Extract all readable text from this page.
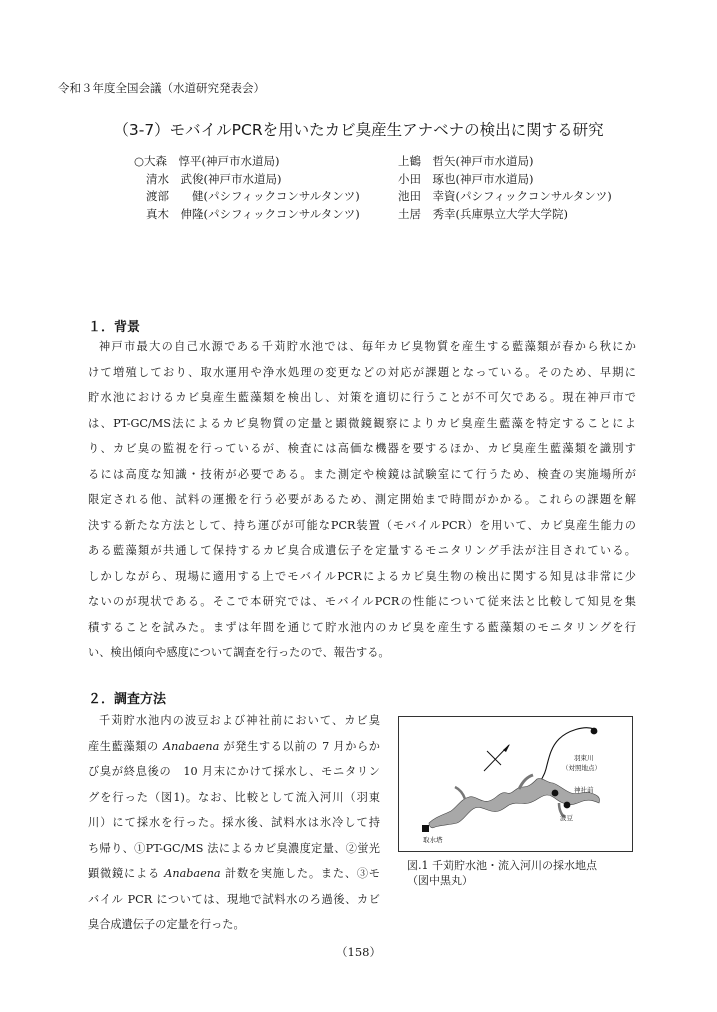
令和３年度全国会議（水道研究発表会）
（3-7）モバイルPCRを用いたカビ臭産生アナベナの検出に関する研究
○大森　惇平(神戸市水道局)	上鶴　哲矢(神戸市水道局)
清水　武俊(神戸市水道局)	小田　琢也(神戸市水道局)
渡部　　健(パシフィックコンサルタンツ)	池田　幸資(パシフィックコンサルタンツ)
真木　伸隆(パシフィックコンサルタンツ)	土居　秀幸(兵庫県立大学大学院)
１．背景
神戸市最大の自己水源である千苅貯水池では、毎年カビ臭物質を産生する藍藻類が春から秋にか
けて増殖しており、取水運用や浄水処理の変更などの対応が課題となっている。そのため、早期に
貯水池におけるカビ臭産生藍藻類を検出し、対策を適切に行うことが不可欠である。現在神戸市で
は、PT-GC/MS法によるカビ臭物質の定量と顕微鏡観察によりカビ臭産生藍藻を特定することによ
り、カビ臭の監視を行っているが、検査には高価な機器を要するほか、カビ臭産生藍藻類を識別す
るには高度な知識・技術が必要である。また測定や検鏡は試験室にて行うため、検査の実施場所が
限定される他、試料の運搬を行う必要があるため、測定開始まで時間がかかる。これらの課題を解
決する新たな方法として、持ち運びが可能なPCR装置（モバイルPCR）を用いて、カビ臭産生能力の
ある藍藻類が共通して保持するカビ臭合成遺伝子を定量するモニタリング手法が注目されている。
しかしながら、現場に適用する上でモバイルPCRによるカビ臭生物の検出に関する知見は非常に少
ないのが現状である。そこで本研究では、モバイルPCRの性能について従来法と比較して知見を集
積することを試みた。まずは年間を通じて貯水池内のカビ臭を産生する藍藻類のモニタリングを行
い、検出傾向や感度について調査を行ったので、報告する。
２．調査方法
千苅貯水池内の波豆および神社前において、カビ臭
産生藍藻類の Anabaena が発生する以前の 7 月からか
び臭が終息後の　10 月末にかけて採水し、モニタリン
グを行った（図1)。なお、比較として流入河川（羽東
川）にて採水を行った。採水後、試料水は氷冷して持
ち帰り、①PT-GC/MS 法によるカビ臭濃度定量、②蛍光
顕微鏡による Anabaena 計数を実施した。また、③モ
バイル PCR については、現地で試料水のろ過後、カビ
臭合成遺伝子の定量を行った。
羽束川
（対照地点）
神社前
波豆
取水塔
図.1 千苅貯水池・流入河川の採水地点
（図中黒丸）
（158）
